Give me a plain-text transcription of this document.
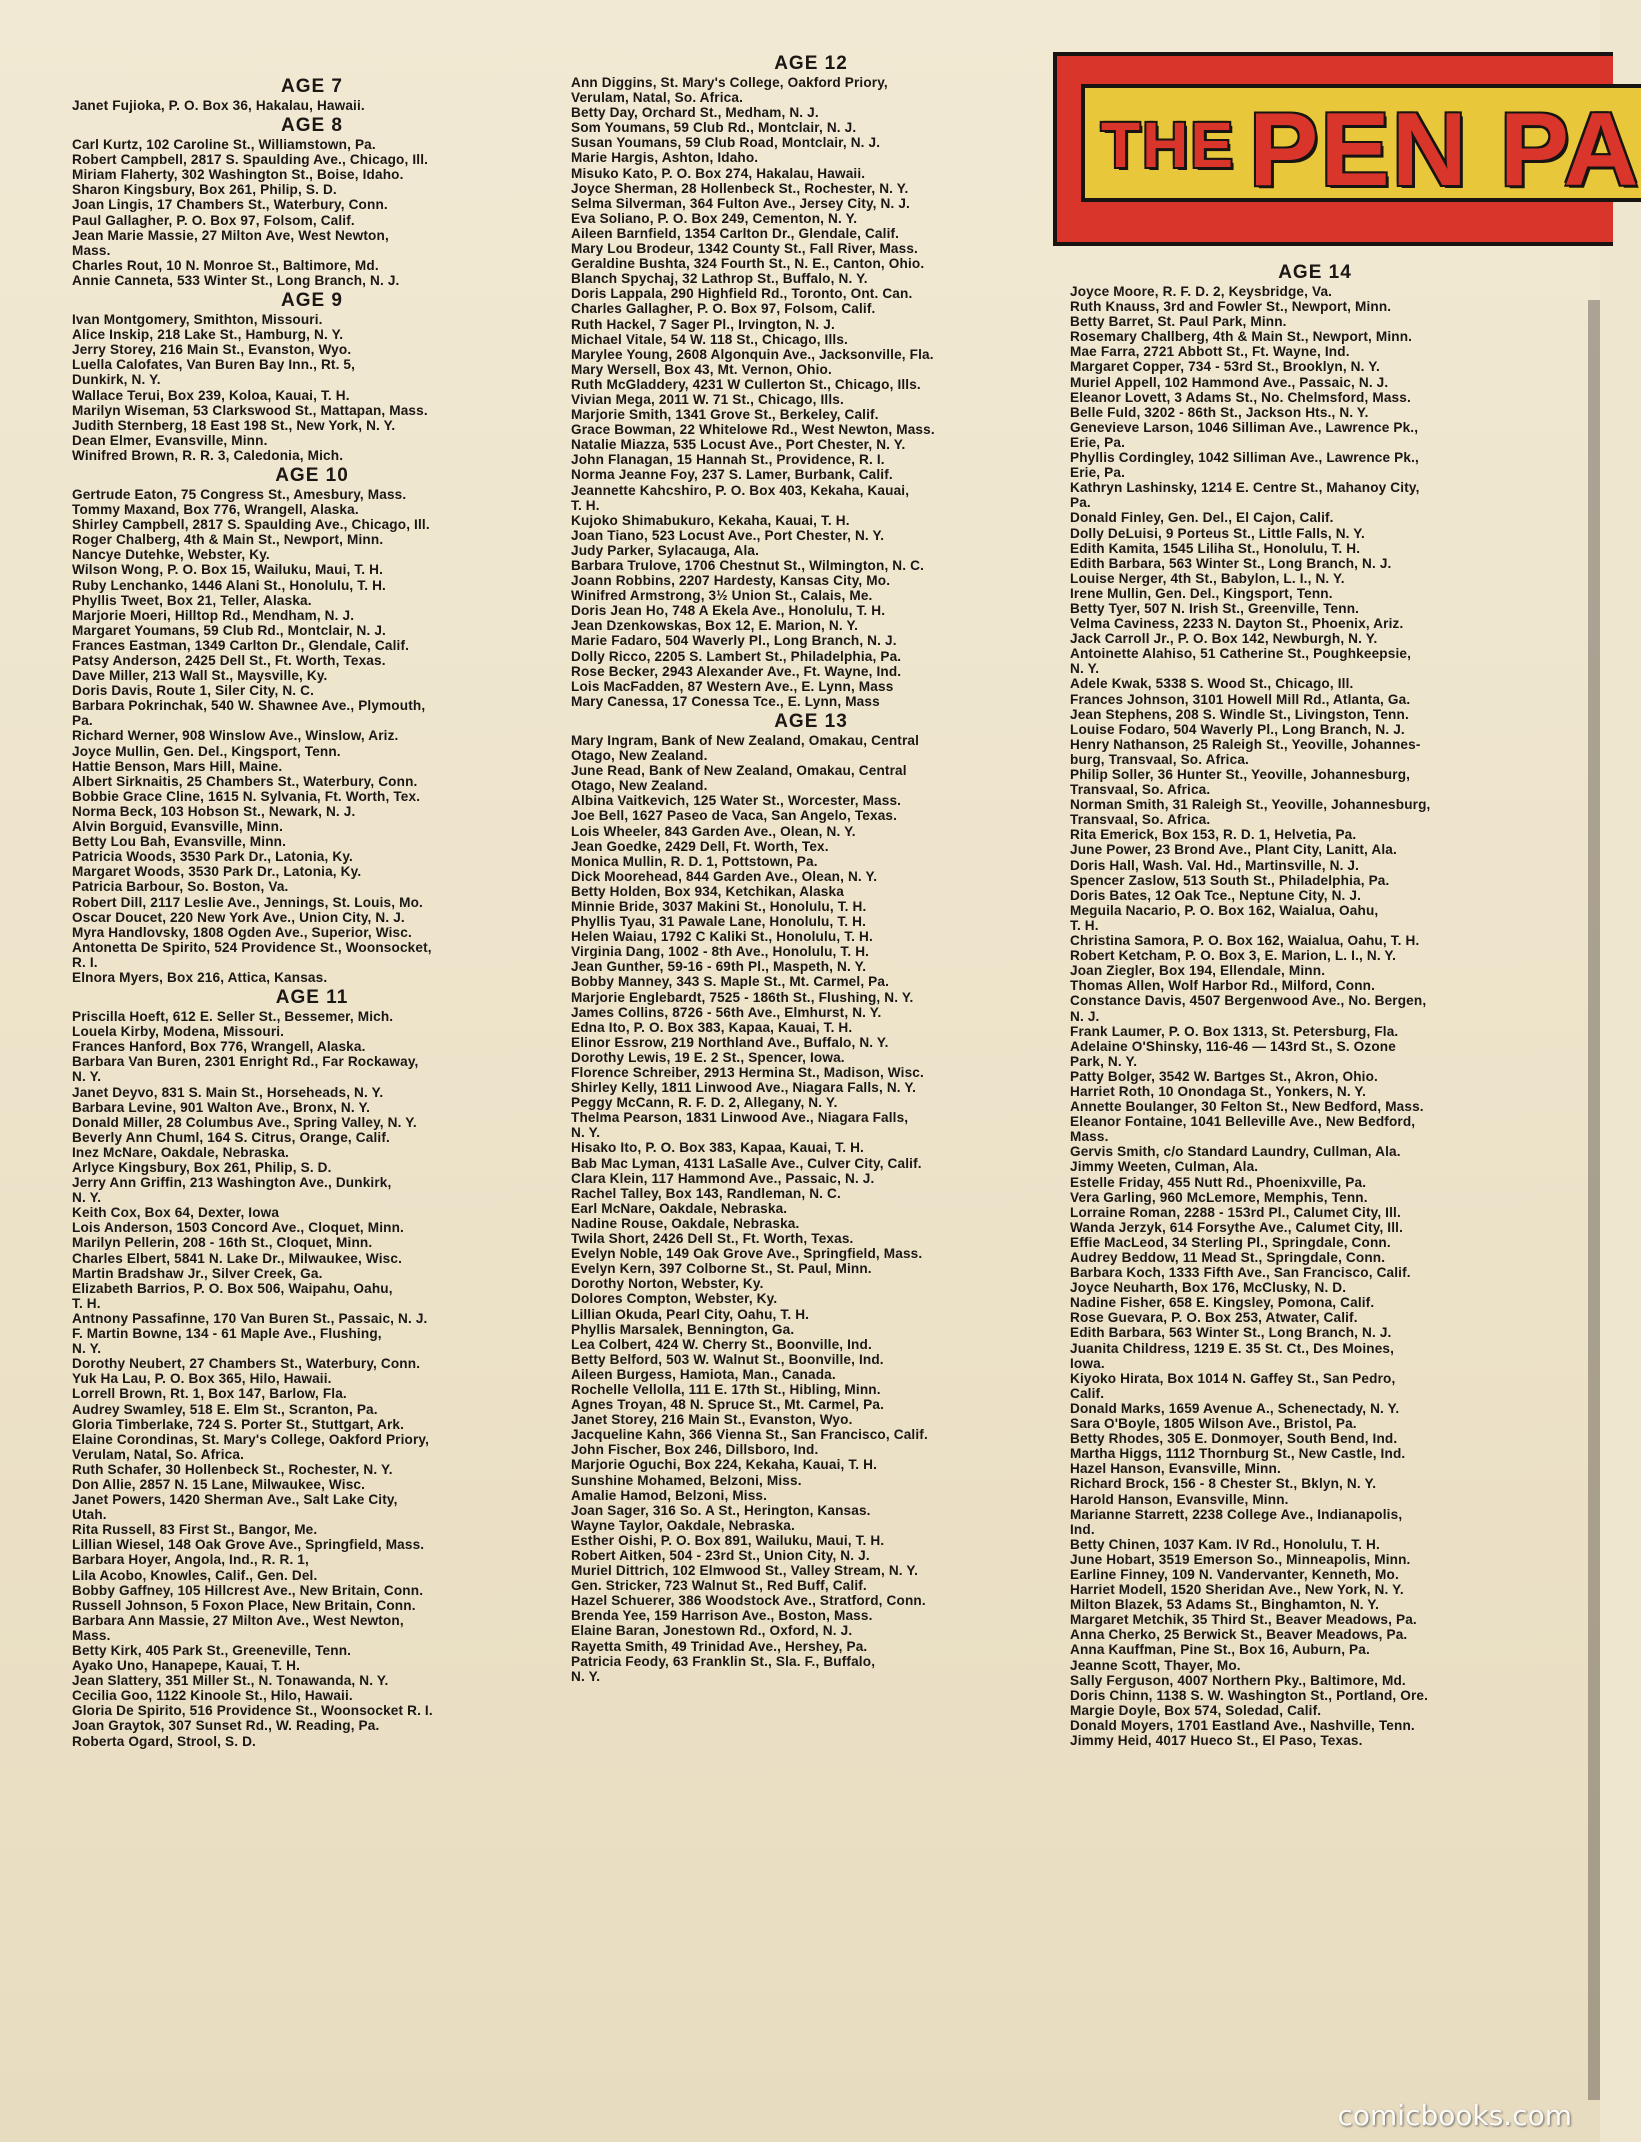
THE PEN PA
AGE 7
Janet Fujioka, P. O. Box 36, Hakalau, Hawaii.
AGE 8
Carl Kurtz, 102 Caroline St., Williamstown, Pa.
Robert Campbell, 2817 S. Spaulding Ave., Chicago, Ill.
Miriam Flaherty, 302 Washington St., Boise, Idaho.
Sharon Kingsbury, Box 261, Philip, S. D.
Joan Lingis, 17 Chambers St., Waterbury, Conn.
Paul Gallagher, P. O. Box 97, Folsom, Calif.
Jean Marie Massie, 27 Milton Ave, West Newton,
Mass.
Charles Rout, 10 N. Monroe St., Baltimore, Md.
Annie Canneta, 533 Winter St., Long Branch, N. J.
AGE 9
Ivan Montgomery, Smithton, Missouri.
Alice Inskip, 218 Lake St., Hamburg, N. Y.
Jerry Storey, 216 Main St., Evanston, Wyo.
Luella Calofates, Van Buren Bay Inn., Rt. 5,
Dunkirk, N. Y.
Wallace Terui, Box 239, Koloa, Kauai, T. H.
Marilyn Wiseman, 53 Clarkswood St., Mattapan, Mass.
Judith Sternberg, 18 East 198 St., New York, N. Y.
Dean Elmer, Evansville, Minn.
Winifred Brown, R. R. 3, Caledonia, Mich.
AGE 10
Gertrude Eaton, 75 Congress St., Amesbury, Mass.
Tommy Maxand, Box 776, Wrangell, Alaska.
Shirley Campbell, 2817 S. Spaulding Ave., Chicago, Ill.
Roger Chalberg, 4th & Main St., Newport, Minn.
Nancye Dutehke, Webster, Ky.
Wilson Wong, P. O. Box 15, Wailuku, Maui, T. H.
Ruby Lenchanko, 1446 Alani St., Honolulu, T. H.
Phyllis Tweet, Box 21, Teller, Alaska.
Marjorie Moeri, Hilltop Rd., Mendham, N. J.
Margaret Youmans, 59 Club Rd., Montclair, N. J.
Frances Eastman, 1349 Carlton Dr., Glendale, Calif.
Patsy Anderson, 2425 Dell St., Ft. Worth, Texas.
Dave Miller, 213 Wall St., Maysville, Ky.
Doris Davis, Route 1, Siler City, N. C.
Barbara Pokrinchak, 540 W. Shawnee Ave., Plymouth,
Pa.
Richard Werner, 908 Winslow Ave., Winslow, Ariz.
Joyce Mullin, Gen. Del., Kingsport, Tenn.
Hattie Benson, Mars Hill, Maine.
Albert Sirknaitis, 25 Chambers St., Waterbury, Conn.
Bobbie Grace Cline, 1615 N. Sylvania, Ft. Worth, Tex.
Norma Beck, 103 Hobson St., Newark, N. J.
Alvin Borguid, Evansville, Minn.
Betty Lou Bah, Evansville, Minn.
Patricia Woods, 3530 Park Dr., Latonia, Ky.
Margaret Woods, 3530 Park Dr., Latonia, Ky.
Patricia Barbour, So. Boston, Va.
Robert Dill, 2117 Leslie Ave., Jennings, St. Louis, Mo.
Oscar Doucet, 220 New York Ave., Union City, N. J.
Myra Handlovsky, 1808 Ogden Ave., Superior, Wisc.
Antonetta De Spirito, 524 Providence St., Woonsocket,
R. I.
Elnora Myers, Box 216, Attica, Kansas.
AGE 11
Priscilla Hoeft, 612 E. Seller St., Bessemer, Mich.
Louela Kirby, Modena, Missouri.
Frances Hanford, Box 776, Wrangell, Alaska.
Barbara Van Buren, 2301 Enright Rd., Far Rockaway,
N. Y.
Janet Deyvo, 831 S. Main St., Horseheads, N. Y.
Barbara Levine, 901 Walton Ave., Bronx, N. Y.
Donald Miller, 28 Columbus Ave., Spring Valley, N. Y.
Beverly Ann Chuml, 164 S. Citrus, Orange, Calif.
Inez McNare, Oakdale, Nebraska.
Arlyce Kingsbury, Box 261, Philip, S. D.
Jerry Ann Griffin, 213 Washington Ave., Dunkirk,
N. Y.
Keith Cox, Box 64, Dexter, Iowa
Lois Anderson, 1503 Concord Ave., Cloquet, Minn.
Marilyn Pellerin, 208 - 16th St., Cloquet, Minn.
Charles Elbert, 5841 N. Lake Dr., Milwaukee, Wisc.
Martin Bradshaw Jr., Silver Creek, Ga.
Elizabeth Barrios, P. O. Box 506, Waipahu, Oahu,
T. H.
Antnony Passafinne, 170 Van Buren St., Passaic, N. J.
F. Martin Bowne, 134 - 61 Maple Ave., Flushing,
N. Y.
Dorothy Neubert, 27 Chambers St., Waterbury, Conn.
Yuk Ha Lau, P. O. Box 365, Hilo, Hawaii.
Lorrell Brown, Rt. 1, Box 147, Barlow, Fla.
Audrey Swamley, 518 E. Elm St., Scranton, Pa.
Gloria Timberlake, 724 S. Porter St., Stuttgart, Ark.
Elaine Corondinas, St. Mary's College, Oakford Priory,
Verulam, Natal, So. Africa.
Ruth Schafer, 30 Hollenbeck St., Rochester, N. Y.
Don Allie, 2857 N. 15 Lane, Milwaukee, Wisc.
Janet Powers, 1420 Sherman Ave., Salt Lake City,
Utah.
Rita Russell, 83 First St., Bangor, Me.
Lillian Wiesel, 148 Oak Grove Ave., Springfield, Mass.
Barbara Hoyer, Angola, Ind., R. R. 1,
Lila Acobo, Knowles, Calif., Gen. Del.
Bobby Gaffney, 105 Hillcrest Ave., New Britain, Conn.
Russell Johnson, 5 Foxon Place, New Britain, Conn.
Barbara Ann Massie, 27 Milton Ave., West Newton,
Mass.
Betty Kirk, 405 Park St., Greeneville, Tenn.
Ayako Uno, Hanapepe, Kauai, T. H.
Jean Slattery, 351 Miller St., N. Tonawanda, N. Y.
Cecilia Goo, 1122 Kinoole St., Hilo, Hawaii.
Gloria De Spirito, 516 Providence St., Woonsocket R. I.
Joan Graytok, 307 Sunset Rd., W. Reading, Pa.
Roberta Ogard, Strool, S. D.
AGE 12
Ann Diggins, St. Mary's College, Oakford Priory,
Verulam, Natal, So. Africa.
Betty Day, Orchard St., Medham, N. J.
Som Youmans, 59 Club Rd., Montclair, N. J.
Susan Youmans, 59 Club Road, Montclair, N. J.
Marie Hargis, Ashton, Idaho.
Misuko Kato, P. O. Box 274, Hakalau, Hawaii.
Joyce Sherman, 28 Hollenbeck St., Rochester, N. Y.
Selma Silverman, 364 Fulton Ave., Jersey City, N. J.
Eva Soliano, P. O. Box 249, Cementon, N. Y.
Aileen Barnfield, 1354 Carlton Dr., Glendale, Calif.
Mary Lou Brodeur, 1342 County St., Fall River, Mass.
Geraldine Bushta, 324 Fourth St., N. E., Canton, Ohio.
Blanch Spychaj, 32 Lathrop St., Buffalo, N. Y.
Doris Lappala, 290 Highfield Rd., Toronto, Ont. Can.
Charles Gallagher, P. O. Box 97, Folsom, Calif.
Ruth Hackel, 7 Sager Pl., Irvington, N. J.
Michael Vitale, 54 W. 118 St., Chicago, Ills.
Marylee Young, 2608 Algonquin Ave., Jacksonville, Fla.
Mary Wersell, Box 43, Mt. Vernon, Ohio.
Ruth McGladdery, 4231 W Cullerton St., Chicago, Ills.
Vivian Mega, 2011 W. 71 St., Chicago, Ills.
Marjorie Smith, 1341 Grove St., Berkeley, Calif.
Grace Bowman, 22 Whitelowe Rd., West Newton, Mass.
Natalie Miazza, 535 Locust Ave., Port Chester, N. Y.
John Flanagan, 15 Hannah St., Providence, R. I.
Norma Jeanne Foy, 237 S. Lamer, Burbank, Calif.
Jeannette Kahcshiro, P. O. Box 403, Kekaha, Kauai,
T. H.
Kujoko Shimabukuro, Kekaha, Kauai, T. H.
Joan Tiano, 523 Locust Ave., Port Chester, N. Y.
Judy Parker, Sylacauga, Ala.
Barbara Trulove, 1706 Chestnut St., Wilmington, N. C.
Joann Robbins, 2207 Hardesty, Kansas City, Mo.
Winifred Armstrong, 3½ Union St., Calais, Me.
Doris Jean Ho, 748 A Ekela Ave., Honolulu, T. H.
Jean Dzenkowskas, Box 12, E. Marion, N. Y.
Marie Fadaro, 504 Waverly Pl., Long Branch, N. J.
Dolly Ricco, 2205 S. Lambert St., Philadelphia, Pa.
Rose Becker, 2943 Alexander Ave., Ft. Wayne, Ind.
Lois MacFadden, 87 Western Ave., E. Lynn, Mass
Mary Canessa, 17 Conessa Tce., E. Lynn, Mass
AGE 13
Mary Ingram, Bank of New Zealand, Omakau, Central
Otago, New Zealand.
June Read, Bank of New Zealand, Omakau, Central
Otago, New Zealand.
Albina Vaitkevich, 125 Water St., Worcester, Mass.
Joe Bell, 1627 Paseo de Vaca, San Angelo, Texas.
Lois Wheeler, 843 Garden Ave., Olean, N. Y.
Jean Goedke, 2429 Dell, Ft. Worth, Tex.
Monica Mullin, R. D. 1, Pottstown, Pa.
Dick Moorehead, 844 Garden Ave., Olean, N. Y.
Betty Holden, Box 934, Ketchikan, Alaska
Minnie Bride, 3037 Makini St., Honolulu, T. H.
Phyllis Tyau, 31 Pawale Lane, Honolulu, T. H.
Helen Waiau, 1792 C Kaliki St., Honolulu, T. H.
Virginia Dang, 1002 - 8th Ave., Honolulu, T. H.
Jean Gunther, 59-16 - 69th Pl., Maspeth, N. Y.
Bobby Manney, 343 S. Maple St., Mt. Carmel, Pa.
Marjorie Englebardt, 7525 - 186th St., Flushing, N. Y.
James Collins, 8726 - 56th Ave., Elmhurst, N. Y.
Edna Ito, P. O. Box 383, Kapaa, Kauai, T. H.
Elinor Essrow, 219 Northland Ave., Buffalo, N. Y.
Dorothy Lewis, 19 E. 2 St., Spencer, Iowa.
Florence Schreiber, 2913 Hermina St., Madison, Wisc.
Shirley Kelly, 1811 Linwood Ave., Niagara Falls, N. Y.
Peggy McCann, R. F. D. 2, Allegany, N. Y.
Thelma Pearson, 1831 Linwood Ave., Niagara Falls,
N. Y.
Hisako Ito, P. O. Box 383, Kapaa, Kauai, T. H.
Bab Mac Lyman, 4131 LaSalle Ave., Culver City, Calif.
Clara Klein, 117 Hammond Ave., Passaic, N. J.
Rachel Talley, Box 143, Randleman, N. C.
Earl McNare, Oakdale, Nebraska.
Nadine Rouse, Oakdale, Nebraska.
Twila Short, 2426 Dell St., Ft. Worth, Texas.
Evelyn Noble, 149 Oak Grove Ave., Springfield, Mass.
Evelyn Kern, 397 Colborne St., St. Paul, Minn.
Dorothy Norton, Webster, Ky.
Dolores Compton, Webster, Ky.
Lillian Okuda, Pearl City, Oahu, T. H.
Phyllis Marsalek, Bennington, Ga.
Lea Colbert, 424 W. Cherry St., Boonville, Ind.
Betty Belford, 503 W. Walnut St., Boonville, Ind.
Aileen Burgess, Hamiota, Man., Canada.
Rochelle Vellolla, 111 E. 17th St., Hibling, Minn.
Agnes Troyan, 48 N. Spruce St., Mt. Carmel, Pa.
Janet Storey, 216 Main St., Evanston, Wyo.
Jacqueline Kahn, 366 Vienna St., San Francisco, Calif.
John Fischer, Box 246, Dillsboro, Ind.
Marjorie Oguchi, Box 224, Kekaha, Kauai, T. H.
Sunshine Mohamed, Belzoni, Miss.
Amalie Hamod, Belzoni, Miss.
Joan Sager, 316 So. A St., Herington, Kansas.
Wayne Taylor, Oakdale, Nebraska.
Esther Oishi, P. O. Box 891, Wailuku, Maui, T. H.
Robert Aitken, 504 - 23rd St., Union City, N. J.
Muriel Dittrich, 102 Elmwood St., Valley Stream, N. Y.
Gen. Stricker, 723 Walnut St., Red Buff, Calif.
Hazel Schuerer, 386 Woodstock Ave., Stratford, Conn.
Brenda Yee, 159 Harrison Ave., Boston, Mass.
Elaine Baran, Jonestown Rd., Oxford, N. J.
Rayetta Smith, 49 Trinidad Ave., Hershey, Pa.
Patricia Feody, 63 Franklin St., Sla. F., Buffalo,
N. Y.
AGE 14
Joyce Moore, R. F. D. 2, Keysbridge, Va.
Ruth Knauss, 3rd and Fowler St., Newport, Minn.
Betty Barret, St. Paul Park, Minn.
Rosemary Challberg, 4th & Main St., Newport, Minn.
Mae Farra, 2721 Abbott St., Ft. Wayne, Ind.
Margaret Copper, 734 - 53rd St., Brooklyn, N. Y.
Muriel Appell, 102 Hammond Ave., Passaic, N. J.
Eleanor Lovett, 3 Adams St., No. Chelmsford, Mass.
Belle Fuld, 3202 - 86th St., Jackson Hts., N. Y.
Genevieve Larson, 1046 Silliman Ave., Lawrence Pk.,
Erie, Pa.
Phyllis Cordingley, 1042 Silliman Ave., Lawrence Pk.,
Erie, Pa.
Kathryn Lashinsky, 1214 E. Centre St., Mahanoy City,
Pa.
Donald Finley, Gen. Del., El Cajon, Calif.
Dolly DeLuisi, 9 Porteus St., Little Falls, N. Y.
Edith Kamita, 1545 Liliha St., Honolulu, T. H.
Edith Barbara, 563 Winter St., Long Branch, N. J.
Louise Nerger, 4th St., Babylon, L. I., N. Y.
Irene Mullin, Gen. Del., Kingsport, Tenn.
Betty Tyer, 507 N. Irish St., Greenville, Tenn.
Velma Caviness, 2233 N. Dayton St., Phoenix, Ariz.
Jack Carroll Jr., P. O. Box 142, Newburgh, N. Y.
Antoinette Alahiso, 51 Catherine St., Poughkeepsie,
N. Y.
Adele Kwak, 5338 S. Wood St., Chicago, Ill.
Frances Johnson, 3101 Howell Mill Rd., Atlanta, Ga.
Jean Stephens, 208 S. Windle St., Livingston, Tenn.
Louise Fodaro, 504 Waverly Pl., Long Branch, N. J.
Henry Nathanson, 25 Raleigh St., Yeoville, Johannes-
burg, Transvaal, So. Africa.
Philip Soller, 36 Hunter St., Yeoville, Johannesburg,
Transvaal, So. Africa.
Norman Smith, 31 Raleigh St., Yeoville, Johannesburg,
Transvaal, So. Africa.
Rita Emerick, Box 153, R. D. 1, Helvetia, Pa.
June Power, 23 Brond Ave., Plant City, Lanitt, Ala.
Doris Hall, Wash. Val. Hd., Martinsville, N. J.
Spencer Zaslow, 513 South St., Philadelphia, Pa.
Doris Bates, 12 Oak Tce., Neptune City, N. J.
Meguila Nacario, P. O. Box 162, Waialua, Oahu,
T. H.
Christina Samora, P. O. Box 162, Waialua, Oahu, T. H.
Robert Ketcham, P. O. Box 3, E. Marion, L. I., N. Y.
Joan Ziegler, Box 194, Ellendale, Minn.
Thomas Allen, Wolf Harbor Rd., Milford, Conn.
Constance Davis, 4507 Bergenwood Ave., No. Bergen,
N. J.
Frank Laumer, P. O. Box 1313, St. Petersburg, Fla.
Adelaine O'Shinsky, 116-46 — 143rd St., S. Ozone
Park, N. Y.
Patty Bolger, 3542 W. Bartges St., Akron, Ohio.
Harriet Roth, 10 Onondaga St., Yonkers, N. Y.
Annette Boulanger, 30 Felton St., New Bedford, Mass.
Eleanor Fontaine, 1041 Belleville Ave., New Bedford,
Mass.
Gervis Smith, c/o Standard Laundry, Cullman, Ala.
Jimmy Weeten, Culman, Ala.
Estelle Friday, 455 Nutt Rd., Phoenixville, Pa.
Vera Garling, 960 McLemore, Memphis, Tenn.
Lorraine Roman, 2288 - 153rd Pl., Calumet City, Ill.
Wanda Jerzyk, 614 Forsythe Ave., Calumet City, Ill.
Effie MacLeod, 34 Sterling Pl., Springdale, Conn.
Audrey Beddow, 11 Mead St., Springdale, Conn.
Barbara Koch, 1333 Fifth Ave., San Francisco, Calif.
Joyce Neuharth, Box 176, McClusky, N. D.
Nadine Fisher, 658 E. Kingsley, Pomona, Calif.
Rose Guevara, P. O. Box 253, Atwater, Calif.
Edith Barbara, 563 Winter St., Long Branch, N. J.
Juanita Childress, 1219 E. 35 St. Ct., Des Moines,
Iowa.
Kiyoko Hirata, Box 1014 N. Gaffey St., San Pedro,
Calif.
Donald Marks, 1659 Avenue A., Schenectady, N. Y.
Sara O'Boyle, 1805 Wilson Ave., Bristol, Pa.
Betty Rhodes, 305 E. Donmoyer, South Bend, Ind.
Martha Higgs, 1112 Thornburg St., New Castle, Ind.
Hazel Hanson, Evansville, Minn.
Richard Brock, 156 - 8 Chester St., Bklyn, N. Y.
Harold Hanson, Evansville, Minn.
Marianne Starrett, 2238 College Ave., Indianapolis,
Ind.
Betty Chinen, 1037 Kam. IV Rd., Honolulu, T. H.
June Hobart, 3519 Emerson So., Minneapolis, Minn.
Earline Finney, 109 N. Vandervanter, Kenneth, Mo.
Harriet Modell, 1520 Sheridan Ave., New York, N. Y.
Milton Blazek, 53 Adams St., Binghamton, N. Y.
Margaret Metchik, 35 Third St., Beaver Meadows, Pa.
Anna Cherko, 25 Berwick St., Beaver Meadows, Pa.
Anna Kauffman, Pine St., Box 16, Auburn, Pa.
Jeanne Scott, Thayer, Mo.
Sally Ferguson, 4007 Northern Pky., Baltimore, Md.
Doris Chinn, 1138 S. W. Washington St., Portland, Ore.
Margie Doyle, Box 574, Soledad, Calif.
Donald Moyers, 1701 Eastland Ave., Nashville, Tenn.
Jimmy Heid, 4017 Hueco St., El Paso, Texas.
comicbooks.com
